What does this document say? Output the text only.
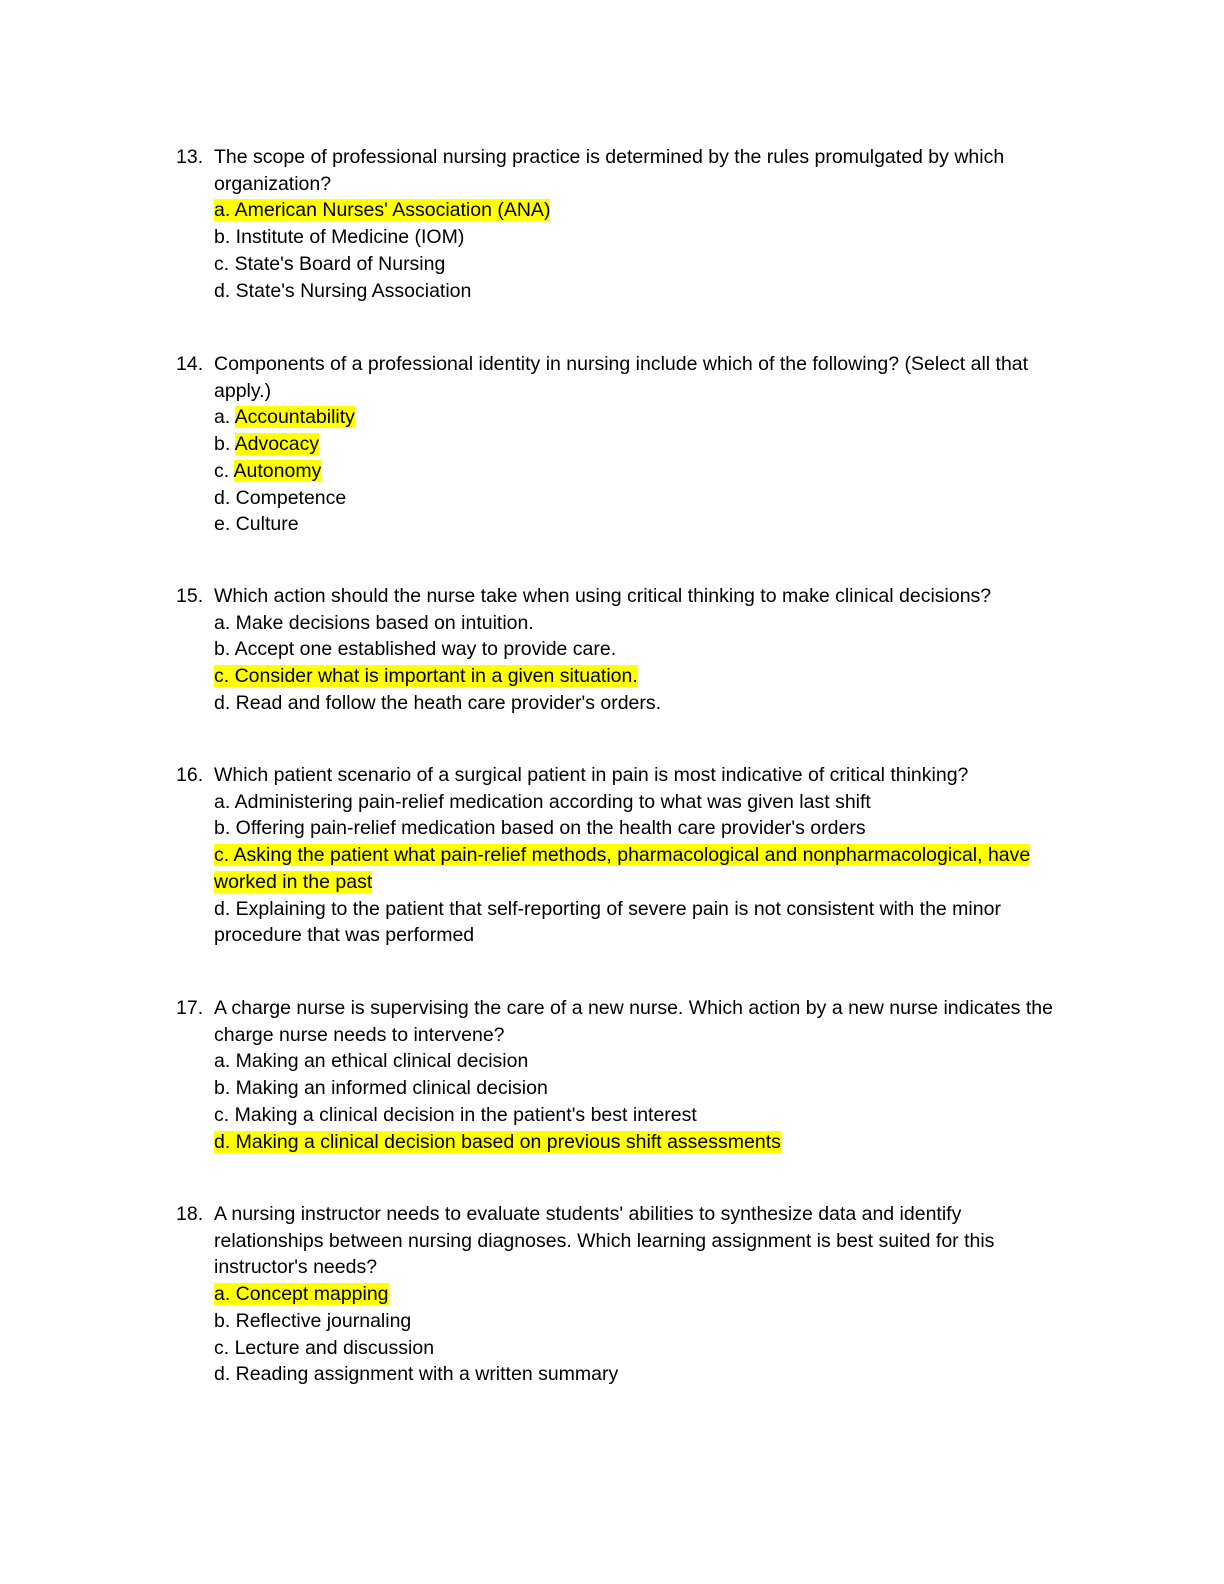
13. The scope of professional nursing practice is determined by the rules promulgated by which
organization?
a. American Nurses' Association (ANA)
b. Institute of Medicine (IOM)
c. State's Board of Nursing
d. State's Nursing Association
14. Components of a professional identity in nursing include which of the following? (Select all that
apply.)
a. Accountability
b. Advocacy
c. Autonomy
d. Competence
e. Culture
15. Which action should the nurse take when using critical thinking to make clinical decisions?
a. Make decisions based on intuition.
b. Accept one established way to provide care.
c. Consider what is important in a given situation.
d. Read and follow the heath care provider's orders.
16. Which patient scenario of a surgical patient in pain is most indicative of critical thinking?
a. Administering pain-relief medication according to what was given last shift
b. Offering pain-relief medication based on the health care provider's orders
c. Asking the patient what pain-relief methods, pharmacological and nonpharmacological, have
worked in the past
d. Explaining to the patient that self-reporting of severe pain is not consistent with the minor
procedure that was performed
17. A charge nurse is supervising the care of a new nurse. Which action by a new nurse indicates the
charge nurse needs to intervene?
a. Making an ethical clinical decision
b. Making an informed clinical decision
c. Making a clinical decision in the patient's best interest
d. Making a clinical decision based on previous shift assessments
18. A nursing instructor needs to evaluate students' abilities to synthesize data and identify
relationships between nursing diagnoses. Which learning assignment is best suited for this
instructor's needs?
a. Concept mapping
b. Reflective journaling
c. Lecture and discussion
d. Reading assignment with a written summary
